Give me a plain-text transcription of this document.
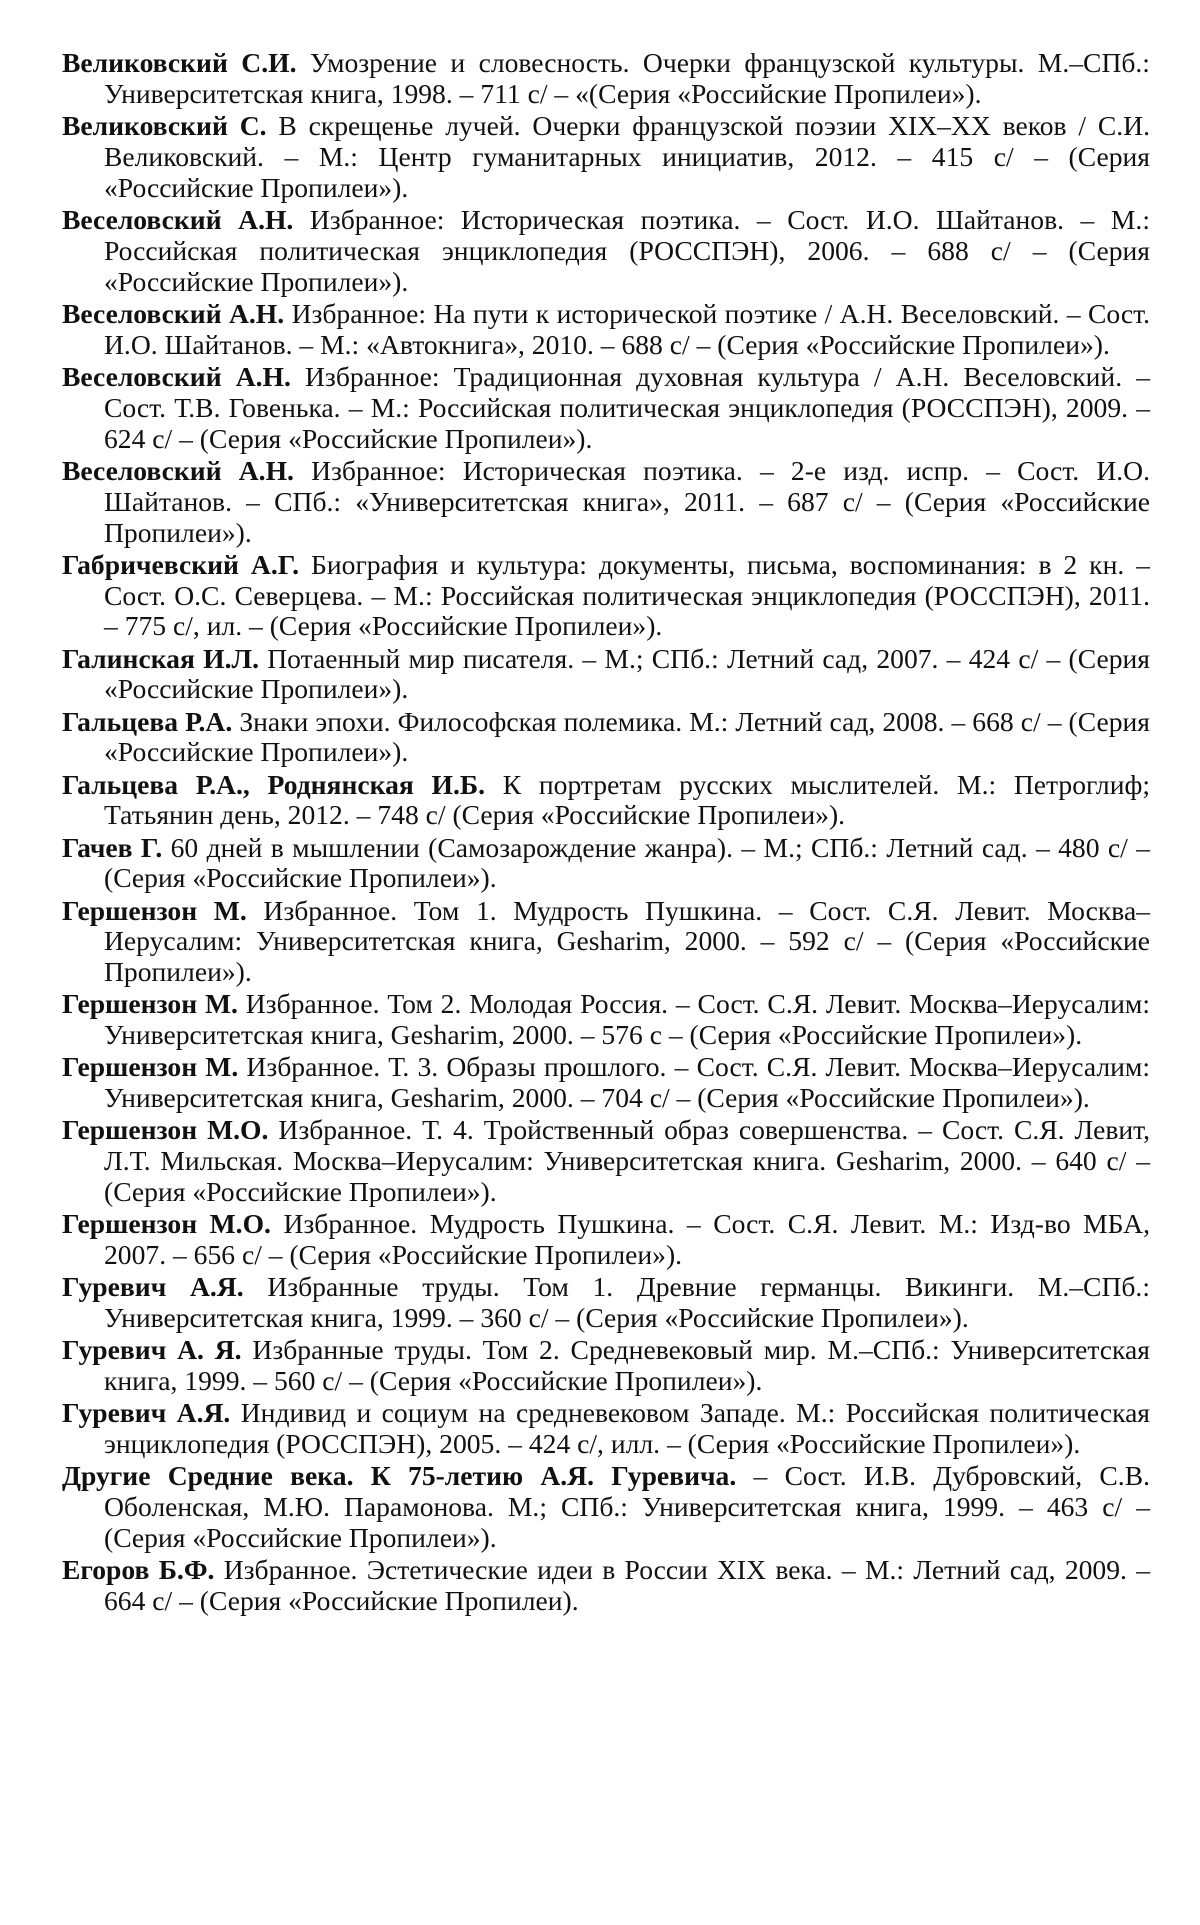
Великовский С.И. Умозрение и словесность. Очерки французской культуры. М.–СПб.: Университетская книга, 1998. – 711 с/ – «(Серия «Российские Пропилеи»).

Великовский С. В скрещенье лучей. Очерки французской поэзии XIX–XX веков / С.И. Великовский. – М.: Центр гуманитарных инициатив, 2012. – 415 с/ – (Серия «Российские Пропилеи»).

Веселовский А.Н. Избранное: Историческая поэтика. – Сост. И.О. Шайтанов. – М.: Российская политическая энциклопедия (РОССПЭН), 2006. – 688 с/ – (Серия «Российские Пропилеи»).

Веселовский А.Н. Избранное: На пути к исторической поэтике / А.Н. Веселовский. – Сост. И.О. Шайтанов. – М.: «Автокнига», 2010. – 688 с/ – (Серия «Российские Пропилеи»).

Веселовский А.Н. Избранное: Традиционная духовная культура / А.Н. Веселовский. – Сост. Т.В. Говенька. – М.: Российская политическая энциклопедия (РОССПЭН), 2009. – 624 с/ – (Серия «Российские Пропилеи»).

Веселовский А.Н. Избранное: Историческая поэтика. – 2-е изд. испр. – Сост. И.О. Шайтанов. – СПб.: «Университетская книга», 2011. – 687 с/ – (Серия «Российские Пропилеи»).

Габричевский А.Г. Биография и культура: документы, письма, воспоминания: в 2 кн. – Сост. О.С. Северцева. – М.: Российская политическая энциклопедия (РОССПЭН), 2011. – 775 с/, ил. – (Серия «Российские Пропилеи»).

Галинская И.Л. Потаенный мир писателя. – М.; СПб.: Летний сад, 2007. – 424 с/ – (Серия «Российские Пропилеи»).

Гальцева Р.А. Знаки эпохи. Философская полемика. М.: Летний сад, 2008. – 668 с/ – (Серия «Российские Пропилеи»).

Гальцева Р.А., Роднянская И.Б. К портретам русских мыслителей. М.: Петроглиф; Татьянин день, 2012. – 748 с/ (Серия «Российские Пропилеи»).

Гачев Г. 60 дней в мышлении (Самозарождение жанра). – М.; СПб.: Летний сад. – 480 с/ – (Серия «Российские Пропилеи»).

Гершензон М. Избранное. Том 1. Мудрость Пушкина. – Сост. С.Я. Левит. Москва–Иерусалим: Университетская книга, Gesharim, 2000. – 592 с/ – (Серия «Российские Пропилеи»).

Гершензон М. Избранное. Том 2. Молодая Россия. – Сост. С.Я. Левит. Москва–Иерусалим: Университетская книга, Gesharim, 2000. – 576 с – (Серия «Российские Пропилеи»).

Гершензон М. Избранное. Т. 3. Образы прошлого. – Сост. С.Я. Левит. Москва–Иерусалим: Университетская книга, Gesharim, 2000. – 704 с/ – (Серия «Российские Пропилеи»).

Гершензон М.О. Избранное. Т. 4. Тройственный образ совершенства. – Сост. С.Я. Левит, Л.Т. Мильская. Москва–Иерусалим: Университетская книга. Gesharim, 2000. – 640 с/ – (Серия «Российские Пропилеи»).

Гершензон М.О. Избранное. Мудрость Пушкина. – Сост. С.Я. Левит. М.: Изд-во МБА, 2007. – 656 с/ – (Серия «Российские Пропилеи»).

Гуревич А.Я. Избранные труды. Том 1. Древние германцы. Викинги. М.–СПб.: Университетская книга, 1999. – 360 с/ – (Серия «Российские Пропилеи»).

Гуревич А. Я. Избранные труды. Том 2. Средневековый мир. М.–СПб.: Университетская книга, 1999. – 560 с/ – (Серия «Российские Пропилеи»).

Гуревич А.Я. Индивид и социум на средневековом Западе. М.: Российская политическая энциклопедия (РОССПЭН), 2005. – 424 с/, илл. – (Серия «Российские Пропилеи»).

Другие Средние века. К 75-летию А.Я. Гуревича. – Сост. И.В. Дубровский, С.В. Оболенская, М.Ю. Парамонова. М.; СПб.: Университетская книга, 1999. – 463 с/ – (Серия «Российские Пропилеи»).

Егоров Б.Ф. Избранное. Эстетические идеи в России XIX века. – М.: Летний сад, 2009. – 664 с/ – (Серия «Российские Пропилеи).
